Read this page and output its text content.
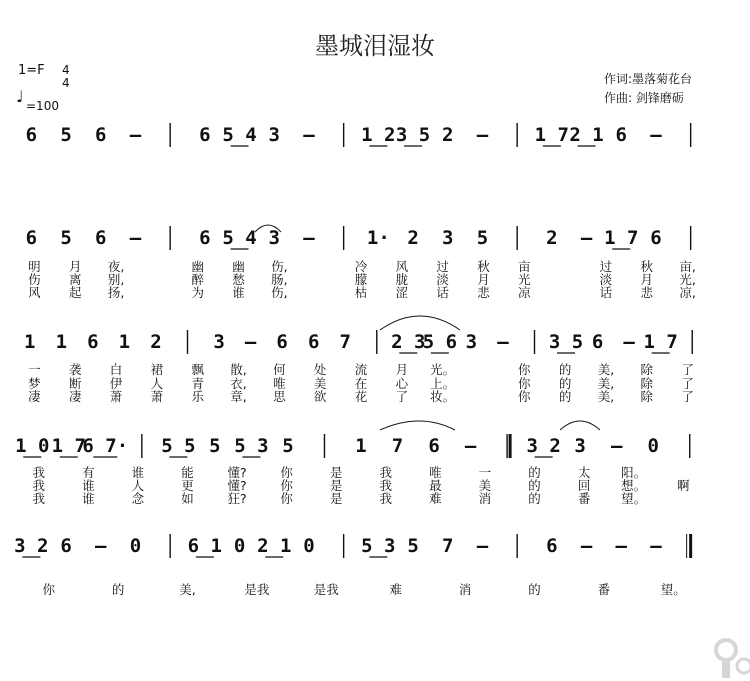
墨城泪湿妆
1=F 4
4
♩ =100
作词:墨落菊花台
作曲: 剑锋磨砺
6 5 6 –	6 5 4 3 – 1 2 3 5 2 – 1 7 2 1 6 –
6 5 6 –	6 5 4 3 –	1· 2 3 5	2 – 1 7 6
明 月 夜,	幽 幽 伤,	冷 风 过 秋 亩	过 秋 亩,
伤 离 别,	醉 愁 肠,	朦 胧 淡 月 光	淡 月 光,
风 起 扬,	为 谁 伤,	枯 涩 话 悲 凉	话 悲 凉,
1 1 6 1 2	3 – 6 6 7 2 3
5 6 3 – 3 5 6 – 1 7
一 袭 白 裙 飘 散, 何 处 流 月 光。	你 的 美, 除 了
梦 断 伊 人 青 衣, 唯 美 在 心 上。	你 的 美, 除 了
凄 凄 萧 萧 乐 章, 思 欲 花 了 妆。	你 的 美, 除 了
1 0 1 7
6 7· 5 5 5 5 3 5	1 7 6 –	3 2 3 – 0
我	有	谁	能	懂?	你	是	我	唯	一	的	太 阳。
我	谁	人	更	懂?	你	是	我	最	美	的	回 想。 啊
我	谁	念	如	狂?	你	是	我	难	消	的	番 望。
3 2 6 – 0 6 1 0 2 1 0 5 3 5 7 –	6 – – –
你	的	美,	是我	是我	难	消	的	番	望。
